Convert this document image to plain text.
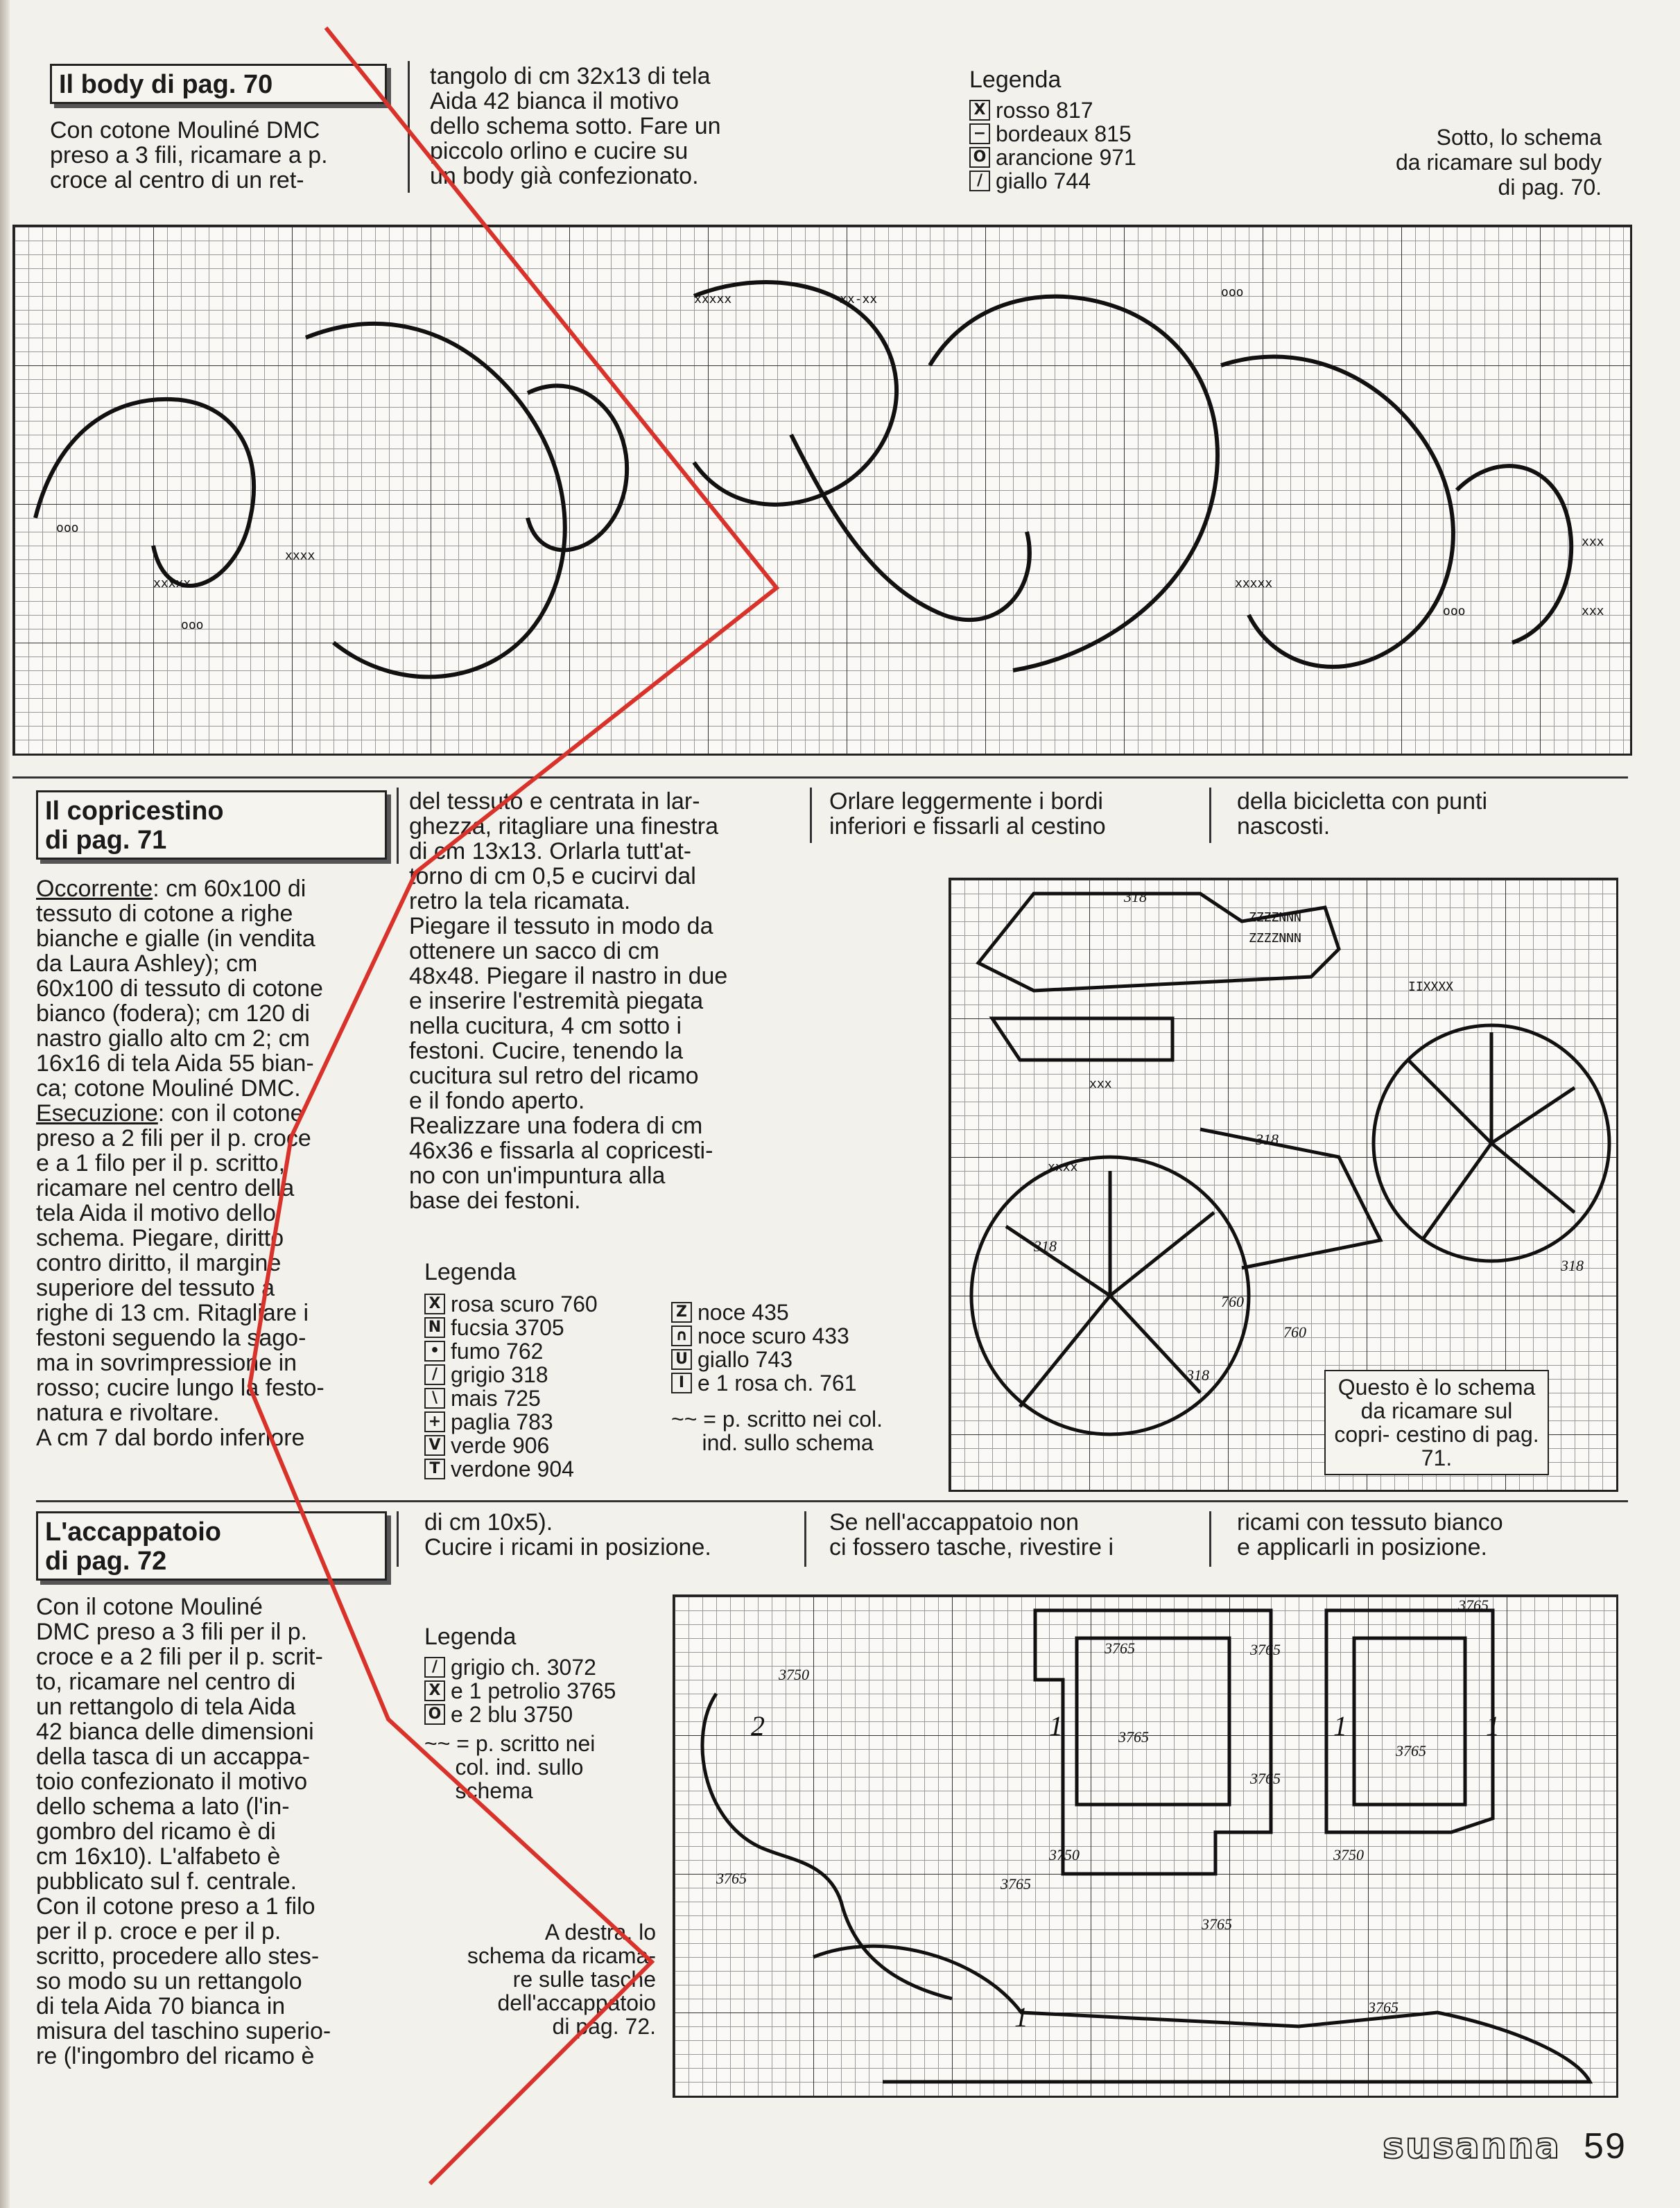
Il body di pag. 70
Con cotone Mouliné DMC
preso a 3 fili, ricamare a p.
croce al centro di un ret-
tangolo di cm 32x13 di tela
Aida 42 bianca il motivo
dello schema sotto. Fare un
piccolo orlino e cucire su
un body già confezionato.
Legenda
X rosso 817
− bordeaux 815
O arancione 971
/ giallo 744
Sotto, lo schema
da ricamare sul body
di pag. 70.
xxxxx
xxxx
xxxxx	xx-xx
xxxxx
xxx
xxx
ooo
ooo
ooo
ooo
Il copricestino
di pag. 71
Occorrente: cm 60x100 di
tessuto di cotone a righe
bianche e gialle (in vendita
da Laura Ashley); cm
60x100 di tessuto di cotone
bianco (fodera); cm 120 di
nastro giallo alto cm 2; cm
16x16 di tela Aida 55 bian-
ca; cotone Mouliné DMC.
Esecuzione: con il cotone
preso a 2 fili per il p. croce
e a 1 filo per il p. scritto,
ricamare nel centro della
tela Aida il motivo dello
schema. Piegare, diritto
contro diritto, il margine
superiore del tessuto a
righe di 13 cm. Ritagliare i
festoni seguendo la sago-
ma in sovrimpressione in
rosso; cucire lungo la festo-
natura e rivoltare.
A cm 7 dal bordo inferiore
del tessuto e centrata in lar-
ghezza, ritagliare una finestra
di cm 13x13. Orlarla tutt'at-
torno di cm 0,5 e cucirvi dal
retro la tela ricamata.
Piegare il tessuto in modo da
ottenere un sacco di cm
48x48. Piegare il nastro in due
e inserire l'estremità piegata
nella cucitura, 4 cm sotto i
festoni. Cucire, tenendo la
cucitura sul retro del ricamo
e il fondo aperto.
Realizzare una fodera di cm
46x36 e fissarla al copricesti-
no con un'impuntura alla
base dei festoni.
Orlare leggermente i bordi
inferiori e fissarli al cestino
della bicicletta con punti
nascosti.
Legenda
X rosa scuro 760
N fucsia 3705
• fumo 762
/ grigio 318
\ mais 725
+ paglia 783
V verde 906
T verdone 904
Z noce 435
∩ noce scuro 433
U giallo 743
I e 1 rosa ch. 761
~~ = p. scritto nei col.
ind. sullo schema
ZZZZNNN
ZZZZNNN
IIXXXX
xxx
xxxx
318
318
318
318
318
760
760
Questo è lo schema da ricamare sul copri- cestino di pag. 71.
L'accappatoio
di pag. 72
Con il cotone Mouliné
DMC preso a 3 fili per il p.
croce e a 2 fili per il p. scrit-
to, ricamare nel centro di
un rettangolo di tela Aida
42 bianca delle dimensioni
della tasca di un accappa-
toio confezionato il motivo
dello schema a lato (l'in-
gombro del ricamo è di
cm 16x10). L'alfabeto è
pubblicato sul f. centrale.
Con il cotone preso a 1 filo
per il p. croce e per il p.
scritto, procedere allo stes-
so modo su un rettangolo
di tela Aida 70 bianca in
misura del taschino superio-
re (l'ingombro del ricamo è
di cm 10x5).
Cucire i ricami in posizione.
Se nell'accappatoio non
ci fossero tasche, rivestire i
ricami con tessuto bianco
e applicarli in posizione.
Legenda
/ grigio ch. 3072
X e 1 petrolio 3765
O e 2 blu 3750
~~ = p. scritto nei
col. ind. sullo
schema
A destra, lo
schema da ricama-
re sulle tasche
dell'accappatoio
di pag. 72.
3750
3765	3765
3765
3765
3765
3765
3765
3765
3750	3750
3765
3765
2	1	1	1
1
susanna 59
